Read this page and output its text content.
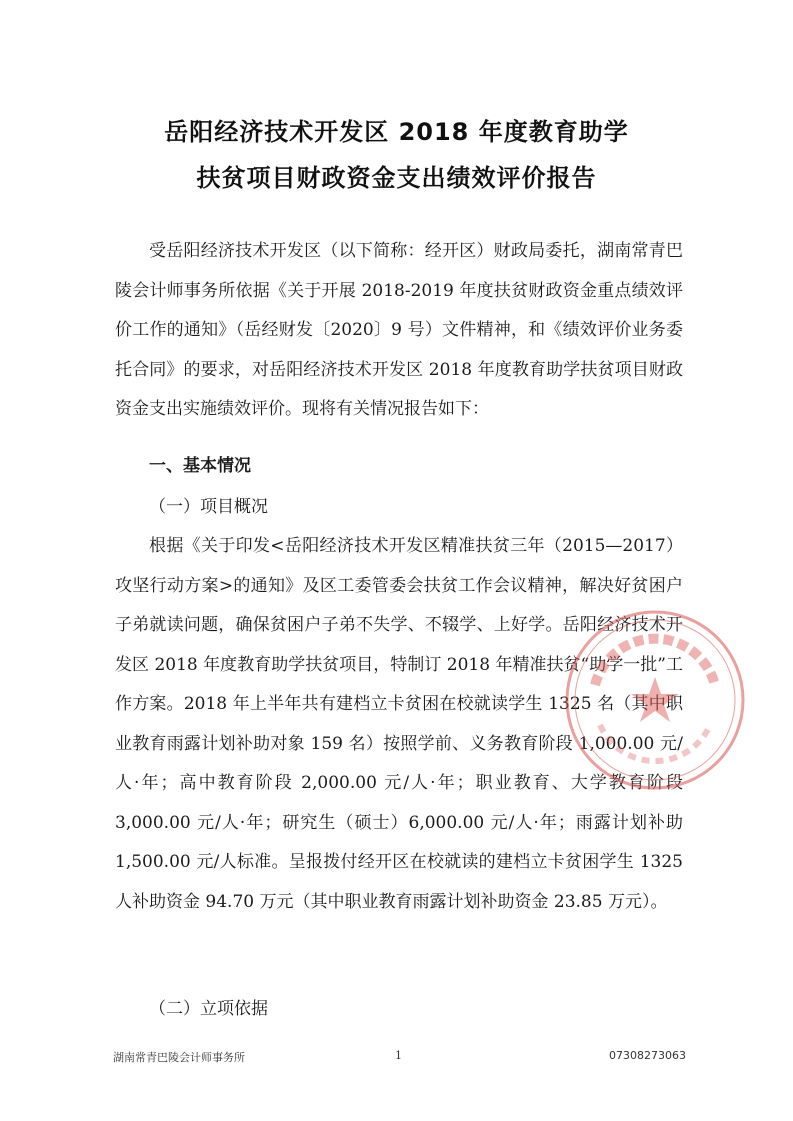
岳阳经济技术开发区 2018 年度教育助学
扶贫项目财政资金支出绩效评价报告

受岳阳经济技术开发区（以下简称：经开区）财政局委托，湖南常青巴陵会计师事务所依据《关于开展 2018-2019 年度扶贫财政资金重点绩效评价工作的通知》（岳经财发〔2020〕9 号）文件精神，和《绩效评价业务委托合同》的要求，对岳阳经济技术开发区 2018 年度教育助学扶贫项目财政资金支出实施绩效评价。现将有关情况报告如下：

一、基本情况
（一）项目概况

根据《关于印发<岳阳经济技术开发区精准扶贫三年（2015—2017）攻坚行动方案>的通知》及区工委管委会扶贫工作会议精神，解决好贫困户子弟就读问题，确保贫困户子弟不失学、不辍学、上好学。岳阳经济技术开发区 2018 年度教育助学扶贫项目，特制订 2018 年精准扶贫“助学一批”工作方案。2018 年上半年共有建档立卡贫困在校就读学生 1325 名（其中职业教育雨露计划补助对象 159 名）按照学前、义务教育阶段 1,000.00 元/人·年；高中教育阶段 2,000.00 元/人·年；职业教育、大学教育阶段 3,000.00 元/人·年；研究生（硕士）6,000.00 元/人·年；雨露计划补助 1,500.00 元/人标准。呈报拨付经开区在校就读的建档立卡贫困学生 1325 人补助资金 94.70 万元（其中职业教育雨露计划补助资金 23.85 万元）。

（二）立项依据
湖南常青巴陵会计师事务所	1	07308273063
